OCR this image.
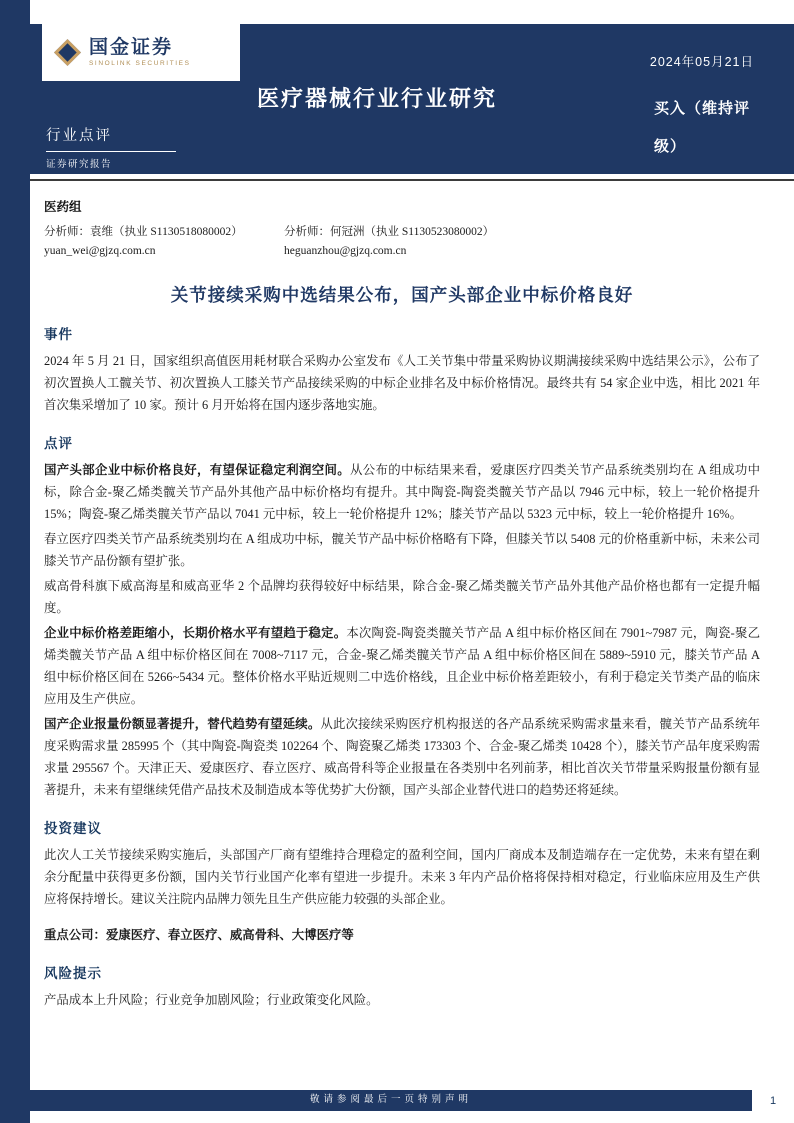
国金证券
SINOLINK SECURITIES	2024年05月21日
医疗器械行业行业研究	买入（维持评
级）
行业点评
证券研究报告
医药组
分析师：袁维（执业 S1130518080002）	分析师：何冠洲（执业 S1130523080002）
yuan_wei@gjzq.com.cn	heguanzhou@gjzq.com.cn
关节接续采购中选结果公布，国产头部企业中标价格良好
事件

2024 年 5 月 21 日，国家组织高值医用耗材联合采购办公室发布《人工关节集中带量采购协议期满接续采购中选结果公示》，公布了初次置换人工髋关节、初次置换人工膝关节产品接续采购的中标企业排名及中标价格情况。最终共有 54 家企业中选，相比 2021 年首次集采增加了 10 家。预计 6 月开始将在国内逐步落地实施。

点评

国产头部企业中标价格良好，有望保证稳定利润空间。从公布的中标结果来看，爱康医疗四类关节产品系统类别均在 A 组成功中标，除合金-聚乙烯类髋关节产品外其他产品中标价格均有提升。其中陶瓷-陶瓷类髋关节产品以 7946 元中标，较上一轮价格提升 15%；陶瓷-聚乙烯类髋关节产品以 7041 元中标，较上一轮价格提升 12%；膝关节产品以 5323 元中标，较上一轮价格提升 16%。

春立医疗四类关节产品系统类别均在 A 组成功中标，髋关节产品中标价格略有下降，但膝关节以 5408 元的价格重新中标，未来公司膝关节产品份额有望扩张。

威高骨科旗下威高海星和威高亚华 2 个品牌均获得较好中标结果，除合金-聚乙烯类髋关节产品外其他产品价格也都有一定提升幅度。

企业中标价格差距缩小，长期价格水平有望趋于稳定。本次陶瓷-陶瓷类髋关节产品 A 组中标价格区间在 7901~7987 元，陶瓷-聚乙烯类髋关节产品 A 组中标价格区间在 7008~7117 元，合金-聚乙烯类髋关节产品 A 组中标价格区间在 5889~5910 元，膝关节产品 A 组中标价格区间在 5266~5434 元。整体价格水平贴近规则二中选价格线，且企业中标价格差距较小，有利于稳定关节类产品的临床应用及生产供应。

国产企业报量份额显著提升，替代趋势有望延续。从此次接续采购医疗机构报送的各产品系统采购需求量来看，髋关节产品系统年度采购需求量 285995 个（其中陶瓷-陶瓷类 102264 个、陶瓷聚乙烯类 173303 个、合金-聚乙烯类 10428 个），膝关节产品年度采购需求量 295567 个。天津正天、爱康医疗、春立医疗、威高骨科等企业报量在各类别中名列前茅，相比首次关节带量采购报量份额有显著提升，未来有望继续凭借产品技术及制造成本等优势扩大份额，国产头部企业替代进口的趋势还将延续。

投资建议

此次人工关节接续采购实施后，头部国产厂商有望维持合理稳定的盈利空间，国内厂商成本及制造端存在一定优势，未来有望在剩余分配量中获得更多份额，国内关节行业国产化率有望进一步提升。未来 3 年内产品价格将保持相对稳定，行业临床应用及生产供应将保持增长。建议关注院内品牌力领先且生产供应能力较强的头部企业。

重点公司：爱康医疗、春立医疗、威高骨科、大博医疗等

风险提示

产品成本上升风险；行业竞争加剧风险；行业政策变化风险。

敬请参阅最后一页特别声明	1
